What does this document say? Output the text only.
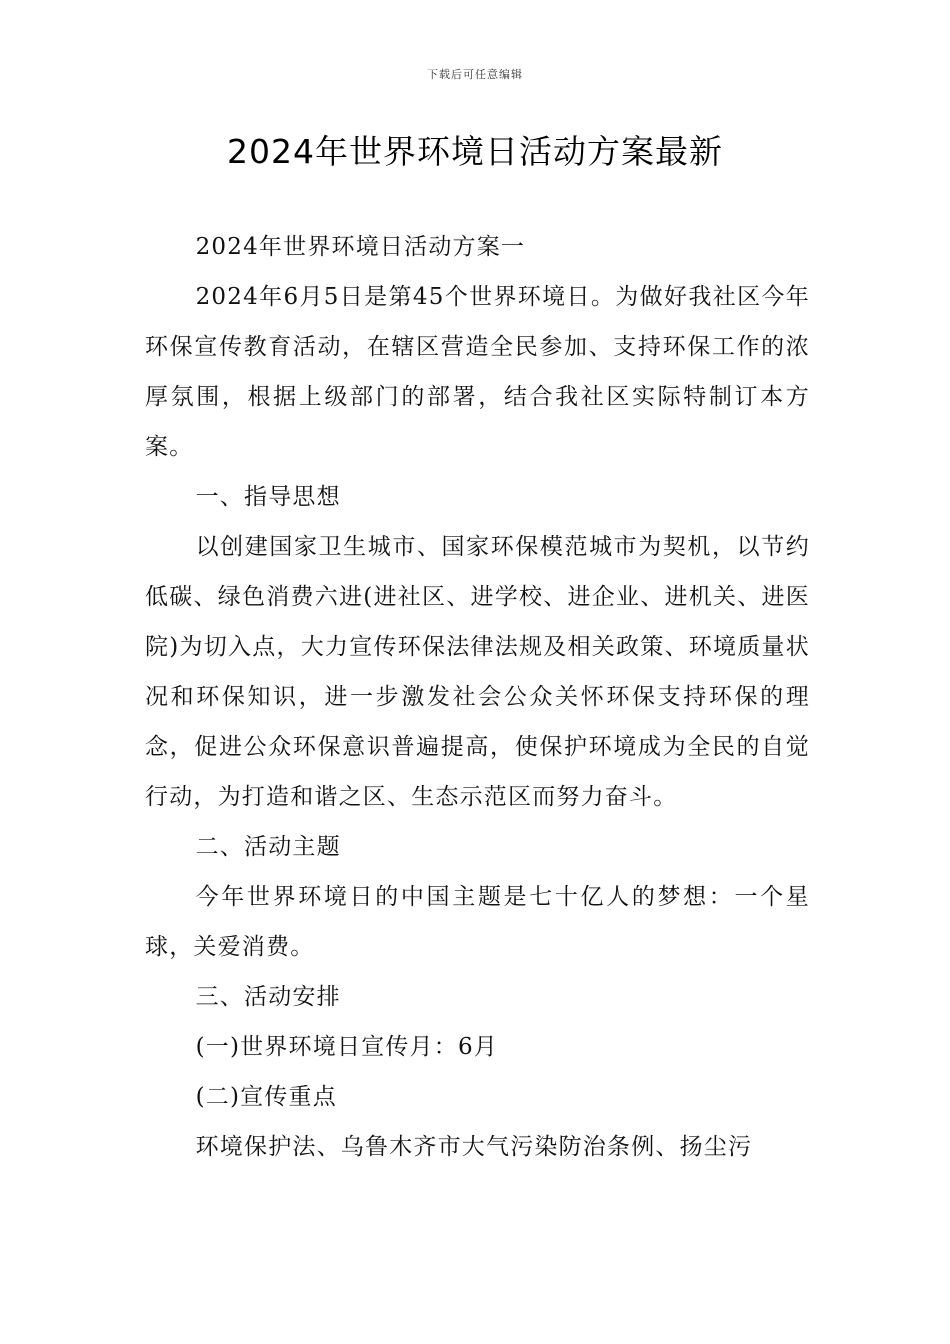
下载后可任意编辑
2024年世界环境日活动方案最新

2024年世界环境日活动方案一

2024年6月5日是第45个世界环境日。为做好我社区今年环保宣传教育活动，在辖区营造全民参加、支持环保工作的浓厚氛围，根据上级部门的部署，结合我社区实际特制订本方案。

一、指导思想

以创建国家卫生城市、国家环保模范城市为契机，以节约低碳、绿色消费六进(进社区、进学校、进企业、进机关、进医院)为切入点，大力宣传环保法律法规及相关政策、环境质量状况和环保知识，进一步激发社会公众关怀环保支持环保的理念，促进公众环保意识普遍提高，使保护环境成为全民的自觉行动，为打造和谐之区、生态示范区而努力奋斗。

二、活动主题

今年世界环境日的中国主题是七十亿人的梦想：一个星球，关爱消费。

三、活动安排

(一)世界环境日宣传月：6月

(二)宣传重点

环境保护法、乌鲁木齐市大气污染防治条例、扬尘污
